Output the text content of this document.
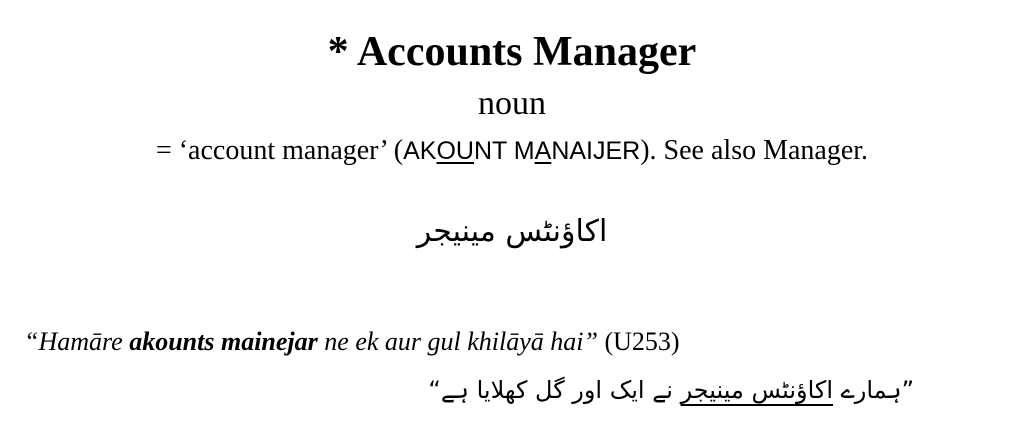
* Accounts Manager
noun
= ‘account manager’ (AKOUNT MANAIJER). See also Manager.
اکاؤنٹس مینیجر
“Hamāre akounts mainejar ne ek aur gul khilāyā hai” (U253)
”ہمارے اکاؤنٹس مینیجر نے ایک اور گل کھلایا ہے“
